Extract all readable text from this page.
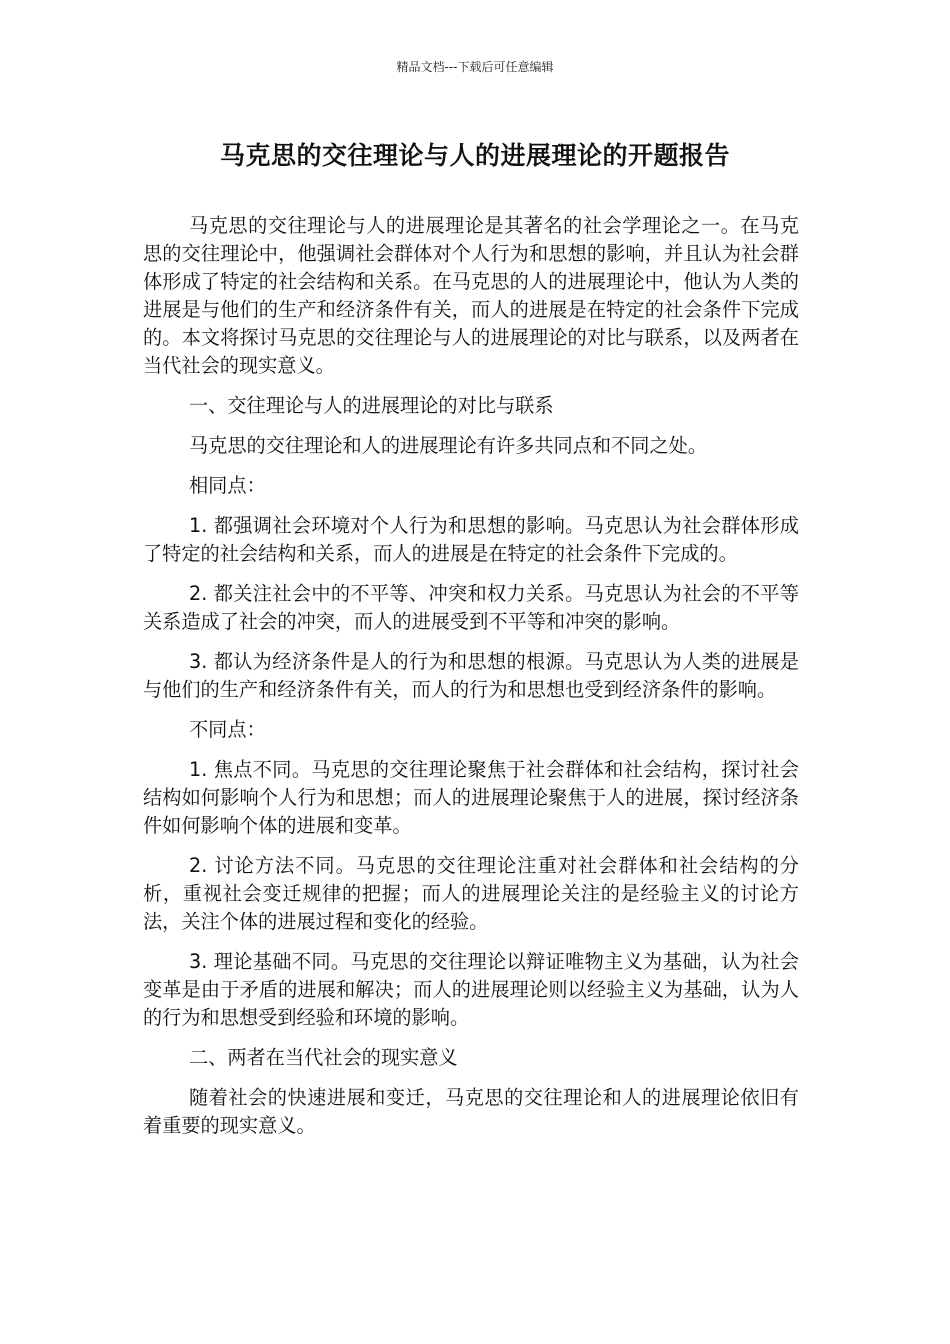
精品文档---下载后可任意编辑
马克思的交往理论与人的进展理论的开题报告

马克思的交往理论与人的进展理论是其著名的社会学理论之一。在马克思的交往理论中，他强调社会群体对个人行为和思想的影响，并且认为社会群体形成了特定的社会结构和关系。在马克思的人的进展理论中，他认为人类的进展是与他们的生产和经济条件有关，而人的进展是在特定的社会条件下完成的。本文将探讨马克思的交往理论与人的进展理论的对比与联系，以及两者在当代社会的现实意义。

一、交往理论与人的进展理论的对比与联系

马克思的交往理论和人的进展理论有许多共同点和不同之处。

相同点：

1. 都强调社会环境对个人行为和思想的影响。马克思认为社会群体形成了特定的社会结构和关系，而人的进展是在特定的社会条件下完成的。

2. 都关注社会中的不平等、冲突和权力关系。马克思认为社会的不平等关系造成了社会的冲突，而人的进展受到不平等和冲突的影响。

3. 都认为经济条件是人的行为和思想的根源。马克思认为人类的进展是与他们的生产和经济条件有关，而人的行为和思想也受到经济条件的影响。

不同点：

1. 焦点不同。马克思的交往理论聚焦于社会群体和社会结构，探讨社会结构如何影响个人行为和思想；而人的进展理论聚焦于人的进展，探讨经济条件如何影响个体的进展和变革。

2. 讨论方法不同。马克思的交往理论注重对社会群体和社会结构的分析，重视社会变迁规律的把握；而人的进展理论关注的是经验主义的讨论方法，关注个体的进展过程和变化的经验。

3. 理论基础不同。马克思的交往理论以辩证唯物主义为基础，认为社会变革是由于矛盾的进展和解决；而人的进展理论则以经验主义为基础，认为人的行为和思想受到经验和环境的影响。

二、两者在当代社会的现实意义

随着社会的快速进展和变迁，马克思的交往理论和人的进展理论依旧有着重要的现实意义。
